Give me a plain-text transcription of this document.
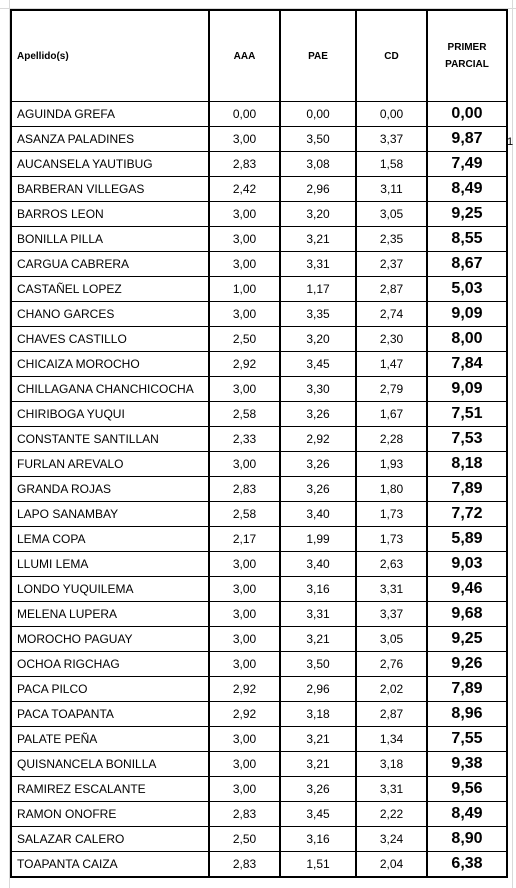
Apellido(s)	AAA	PAE	CD	PRIMER
PARCIAL
AGUINDA GREFA	0,00	0,00	0,00	0,00
ASANZA PALADINES	3,00	3,50	3,37	9,87
AUCANSELA YAUTIBUG	2,83	3,08	1,58	7,49
BARBERAN VILLEGAS	2,42	2,96	3,11	8,49
BARROS LEON	3,00	3,20	3,05	9,25
BONILLA PILLA	3,00	3,21	2,35	8,55
CARGUA CABRERA	3,00	3,31	2,37	8,67
CASTAÑEL LOPEZ	1,00	1,17	2,87	5,03
CHANO GARCES	3,00	3,35	2,74	9,09
CHAVES CASTILLO	2,50	3,20	2,30	8,00
CHICAIZA MOROCHO	2,92	3,45	1,47	7,84
CHILLAGANA CHANCHICOCHA	3,00	3,30	2,79	9,09
CHIRIBOGA YUQUI	2,58	3,26	1,67	7,51
CONSTANTE SANTILLAN	2,33	2,92	2,28	7,53
FURLAN AREVALO	3,00	3,26	1,93	8,18
GRANDA ROJAS	2,83	3,26	1,80	7,89
LAPO SANAMBAY	2,58	3,40	1,73	7,72
LEMA COPA	2,17	1,99	1,73	5,89
LLUMI LEMA	3,00	3,40	2,63	9,03
LONDO YUQUILEMA	3,00	3,16	3,31	9,46
MELENA LUPERA	3,00	3,31	3,37	9,68
MOROCHO PAGUAY	3,00	3,21	3,05	9,25
OCHOA RIGCHAG	3,00	3,50	2,76	9,26
PACA PILCO	2,92	2,96	2,02	7,89
PACA TOAPANTA	2,92	3,18	2,87	8,96
PALATE PEÑA	3,00	3,21	1,34	7,55
QUISNANCELA BONILLA	3,00	3,21	3,18	9,38
RAMIREZ ESCALANTE	3,00	3,26	3,31	9,56
RAMON ONOFRE	2,83	3,45	2,22	8,49
SALAZAR CALERO	2,50	3,16	3,24	8,90
TOAPANTA CAIZA	2,83	1,51	2,04	6,38
1
